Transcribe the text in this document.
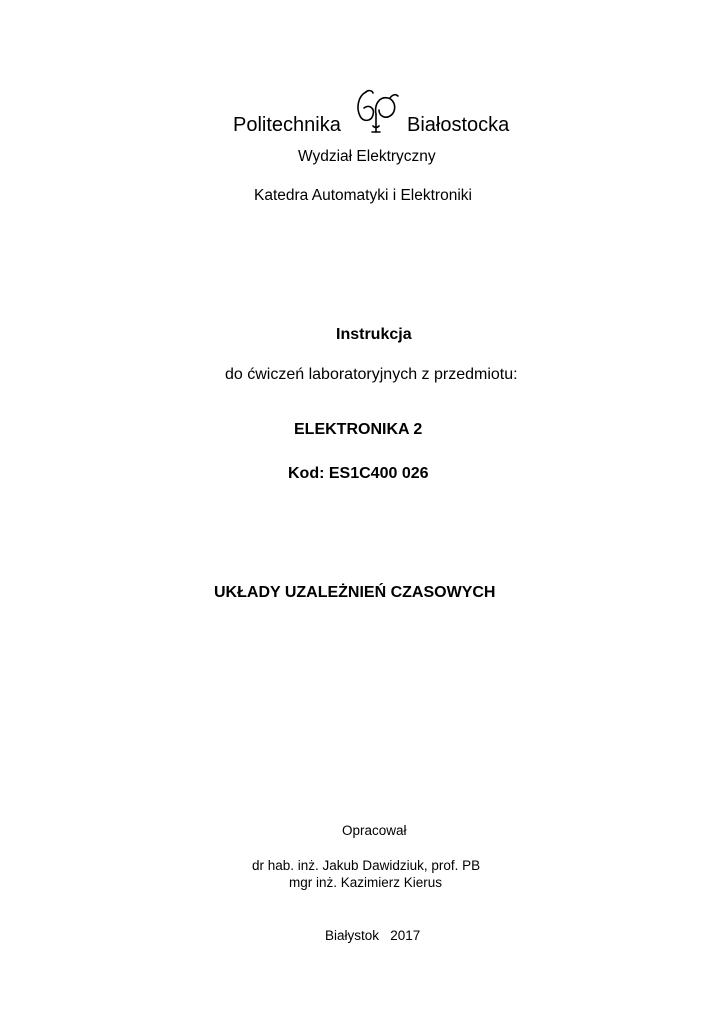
Politechnika	Białostocka
Wydział Elektryczny
Katedra Automatyki i Elektroniki
Instrukcja
do ćwiczeń laboratoryjnych z przedmiotu:
ELEKTRONIKA 2
Kod: ES1C400 026
UKŁADY UZALEŻNIEŃ CZASOWYCH
Opracował
dr hab. inż. Jakub Dawidziuk, prof. PB
mgr inż. Kazimierz Kierus
Białystok   2017
